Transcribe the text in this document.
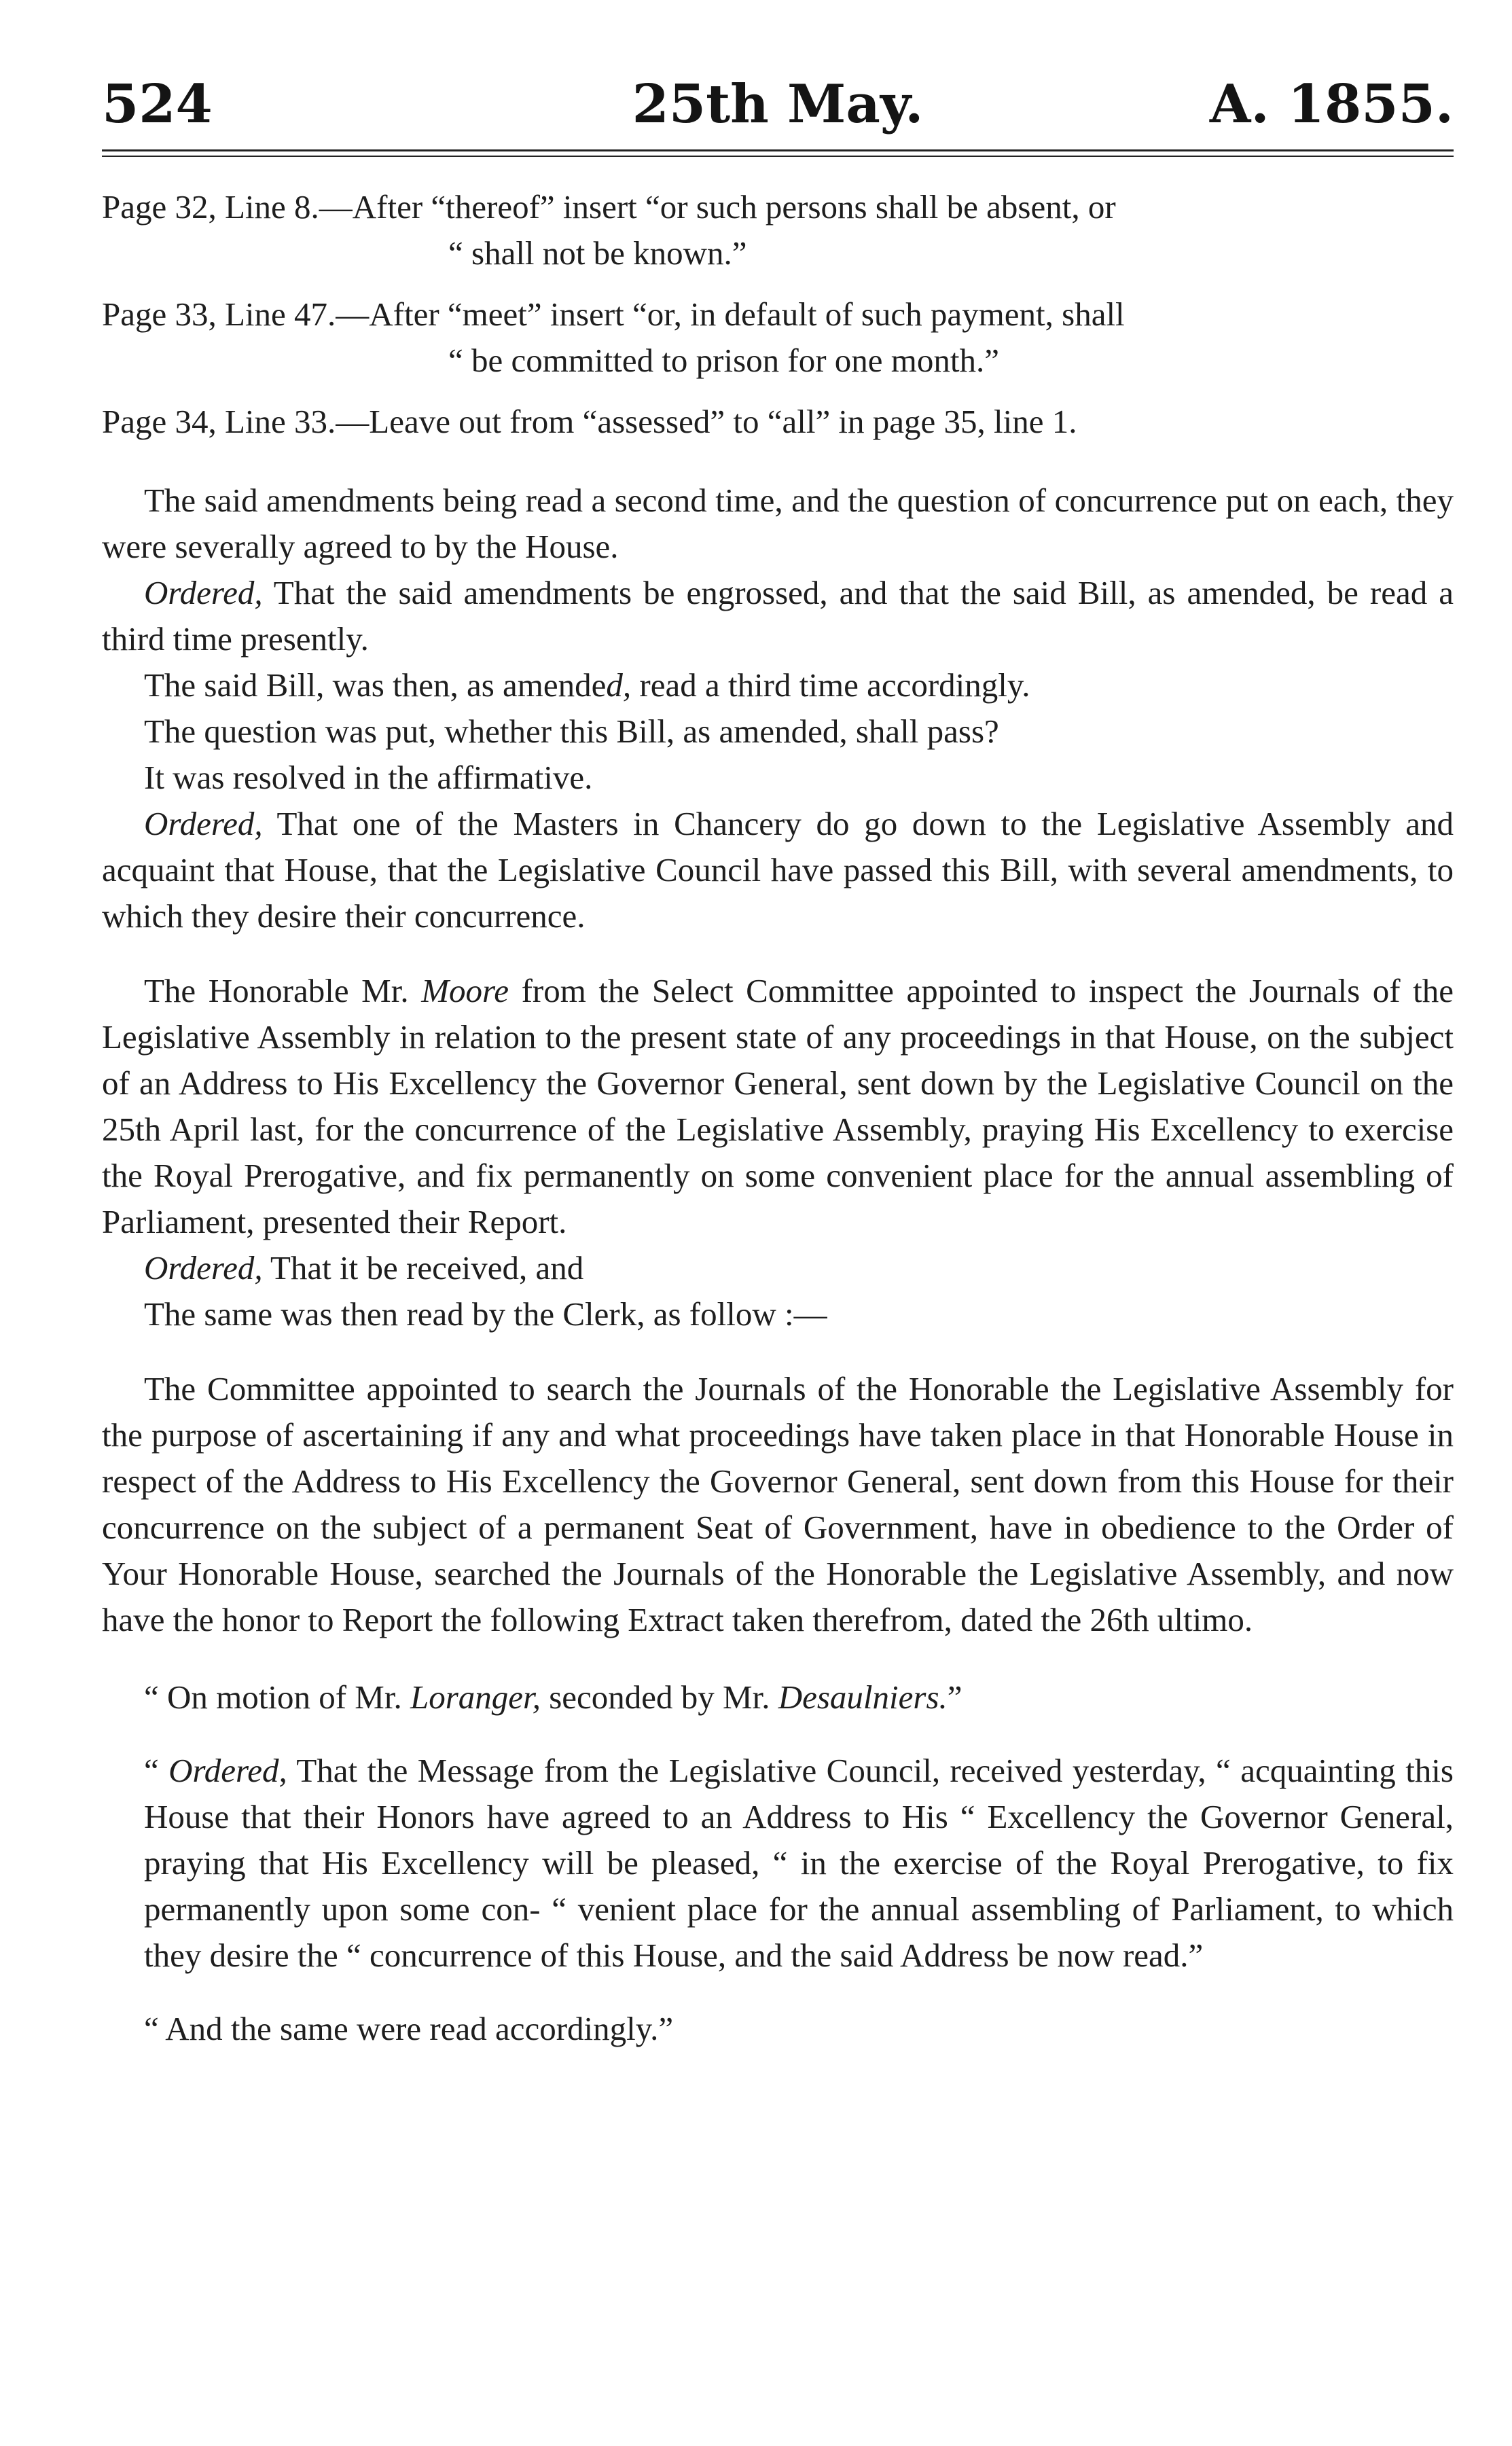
524	25th May.	A. 1855.
Page 32, Line 8.—After “thereof” insert “or such persons shall be absent, or
“ shall not be known.”
Page 33, Line 47.—After “meet” insert “or, in default of such payment, shall
“ be committed to prison for one month.”
Page 34, Line 33.—Leave out from “assessed” to “all” in page 35, line 1.

The said amendments being read a second time, and the question of concurrence put on each, they were severally agreed to by the House.

Ordered, That the said amendments be engrossed, and that the said Bill, as amended, be read a third time presently.

The said Bill, was then, as amended, read a third time accordingly.

The question was put, whether this Bill, as amended, shall pass?

It was resolved in the affirmative.

Ordered, That one of the Masters in Chancery do go down to the Legislative Assembly and acquaint that House, that the Legislative Council have passed this Bill, with several amendments, to which they desire their concurrence.

The Honorable Mr. Moore from the Select Committee appointed to inspect the Journals of the Legislative Assembly in relation to the present state of any proceedings in that House, on the subject of an Address to His Excellency the Governor General, sent down by the Legislative Council on the 25th April last, for the concurrence of the Legislative Assembly, praying His Excellency to exercise the Royal Prerogative, and fix permanently on some convenient place for the annual assembling of Parliament, presented their Report.

Ordered, That it be received, and

The same was then read by the Clerk, as follow :—

The Committee appointed to search the Journals of the Honorable the Legislative Assembly for the purpose of ascertaining if any and what proceedings have taken place in that Honorable House in respect of the Address to His Excellency the Governor General, sent down from this House for their concurrence on the subject of a permanent Seat of Government, have in obedience to the Order of Your Honorable House, searched the Journals of the Honorable the Legislative Assembly, and now have the honor to Report the following Extract taken therefrom, dated the 26th ultimo.

“ On motion of Mr. Loranger, seconded by Mr. Desaulniers.”

“ Ordered, That the Message from the Legislative Council, received yesterday, “ acquainting this House that their Honors have agreed to an Address to His “ Excellency the Governor General, praying that His Excellency will be pleased, “ in the exercise of the Royal Prerogative, to fix permanently upon some con- “ venient place for the annual assembling of Parliament, to which they desire the “ concurrence of this House, and the said Address be now read.”

“ And the same were read accordingly.”
